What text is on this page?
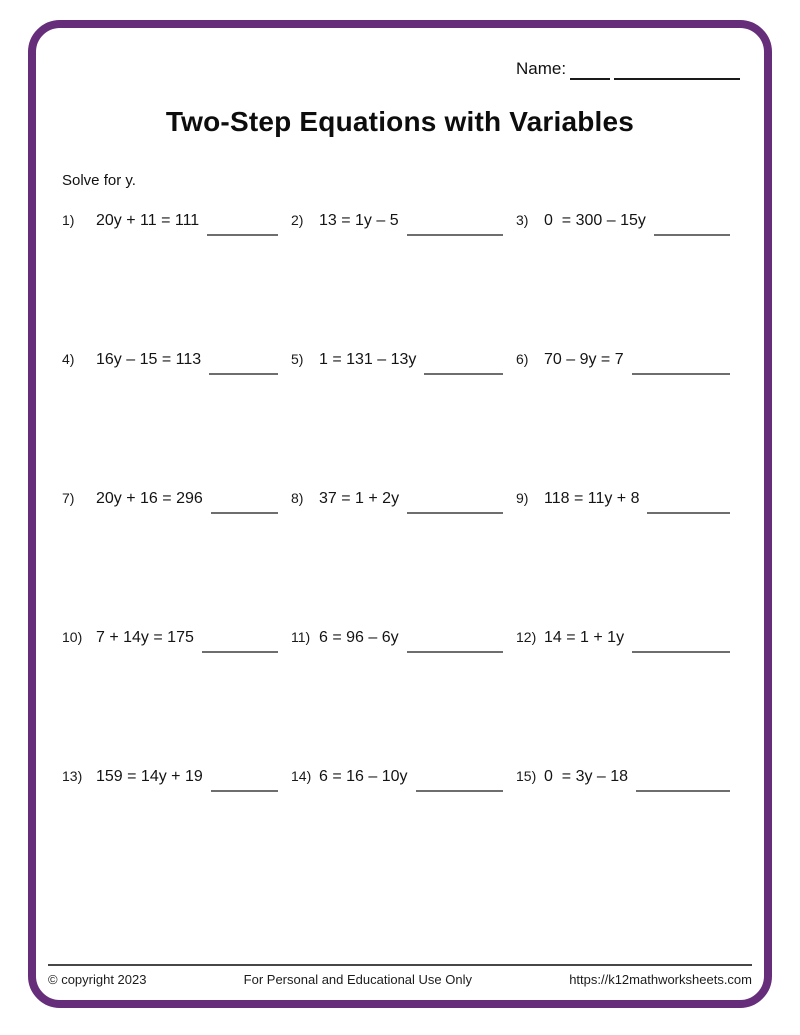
Name:
Two-Step Equations with Variables
Solve for y.
1)	20y + 11 = 111	2) 13 = 1y – 5	3) 0  = 300 – 15y
4)	16y – 15 = 113	5) 1 = 131 – 13y	6) 70 – 9y = 7
7)	20y + 16 = 296	8) 37 = 1 + 2y	9) 118 = 11y + 8
10) 7 + 14y = 175	11) 6 = 96 – 6y	12) 14 = 1 + 1y
13) 159 = 14y + 19	14) 6 = 16 – 10y	15) 0  = 3y – 18
© copyright 2023	For Personal and Educational Use Only	https://k12mathworksheets.com
